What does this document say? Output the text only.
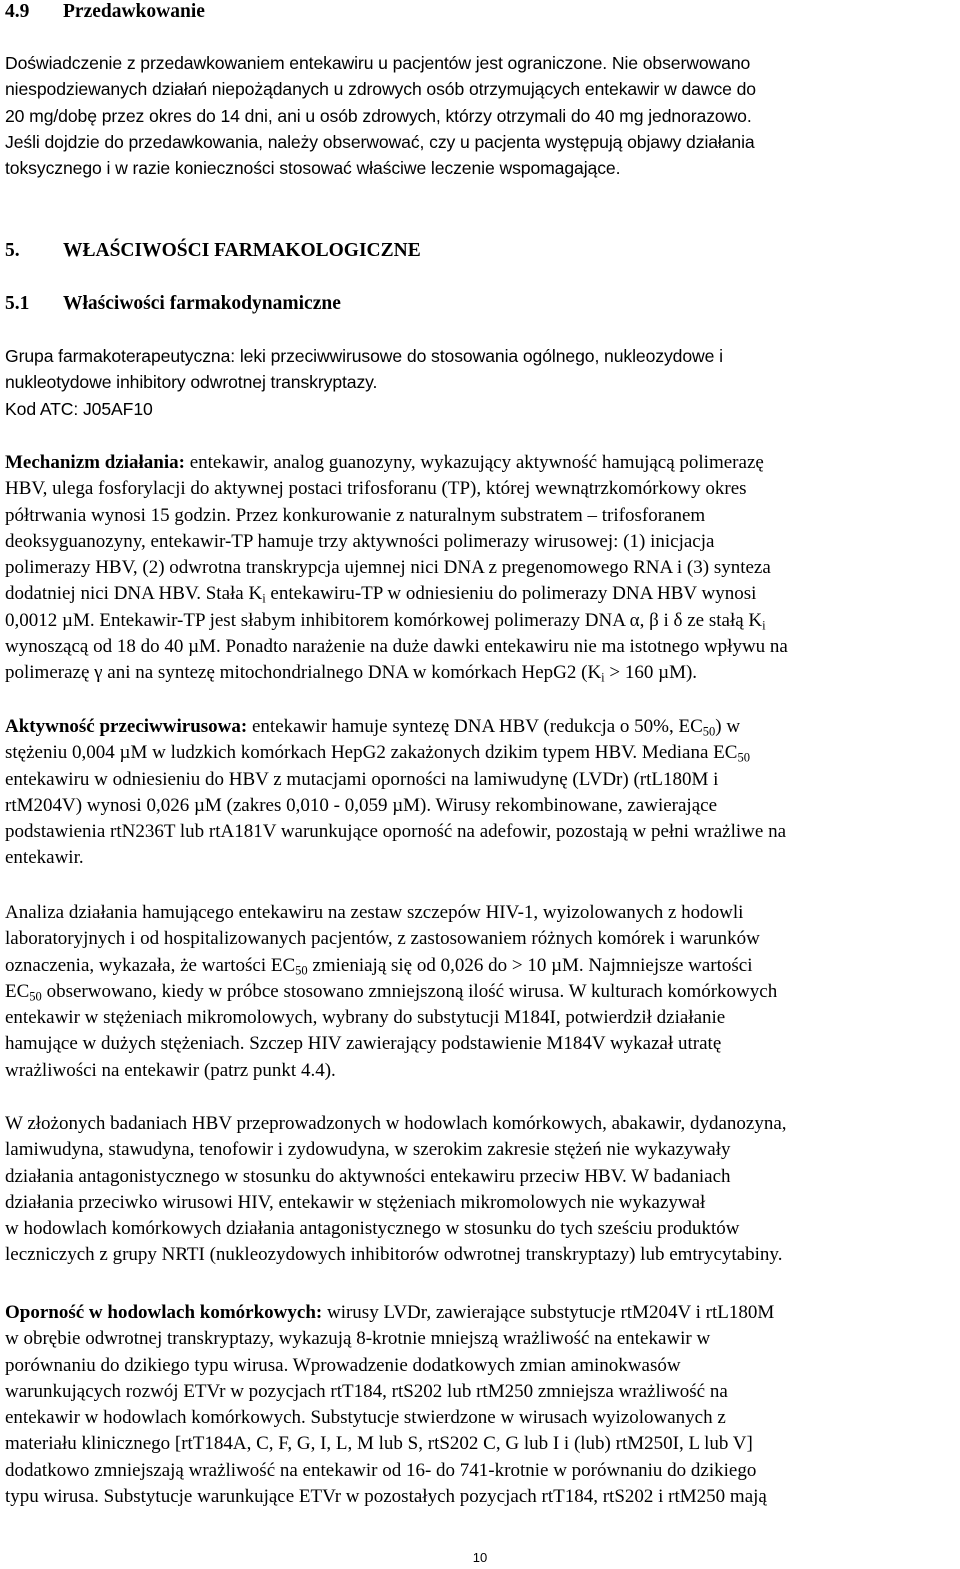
4.9 Przedawkowanie
Doświadczenie z przedawkowaniem entekawiru u pacjentów jest ograniczone. Nie obserwowano
niespodziewanych działań niepożądanych u zdrowych osób otrzymujących entekawir w dawce do
20 mg/dobę przez okres do 14 dni, ani u osób zdrowych, którzy otrzymali do 40 mg jednorazowo.
Jeśli dojdzie do przedawkowania, należy obserwować, czy u pacjenta występują objawy działania
toksycznego i w razie konieczności stosować właściwe leczenie wspomagające.
5. WŁAŚCIWOŚCI FARMAKOLOGICZNE
5.1 Właściwości farmakodynamiczne
Grupa farmakoterapeutyczna: leki przeciwwirusowe do stosowania ogólnego, nukleozydowe i
nukleotydowe inhibitory odwrotnej transkryptazy.
Kod ATC: J05AF10
Mechanizm działania: entekawir, analog guanozyny, wykazujący aktywność hamującą polimerazę
HBV, ulega fosforylacji do aktywnej postaci trifosforanu (TP), której wewnątrzkomórkowy okres
półtrwania wynosi 15 godzin. Przez konkurowanie z naturalnym substratem – trifosforanem
deoksyguanozyny, entekawir-TP hamuje trzy aktywności polimerazy wirusowej: (1) inicjacja
polimerazy HBV, (2) odwrotna transkrypcja ujemnej nici DNA z pregenomowego RNA i (3) synteza
dodatniej nici DNA HBV. Stała $K_i$ entekawiru-TP w odniesieniu do polimerazy DNA HBV wynosi
0,0012 µM. Entekawir-TP jest słabym inhibitorem komórkowej polimerazy DNA α, β i δ ze stałą $K_i$
wynoszącą od 18 do 40 µM. Ponadto narażenie na duże dawki entekawiru nie ma istotnego wpływu na
polimerazę γ ani na syntezę mitochondrialnego DNA w komórkach HepG2 ($K_i > 160$ µM).
Aktywność przeciwwirusowa: entekawir hamuje syntezę DNA HBV (redukcja o 50%, $EC_{50}$) w
stężeniu 0,004 µM w ludzkich komórkach HepG2 zakażonych dzikim typem HBV. Mediana $EC_{50}$
entekawiru w odniesieniu do HBV z mutacjami oporności na lamiwudynę (LVDr) (rtL180M i
rtM204V) wynosi 0,026 µM (zakres 0,010 - 0,059 µM). Wirusy rekombinowane, zawierające
podstawienia rtN236T lub rtA181V warunkujące oporność na adefowir, pozostają w pełni wrażliwe na
entekawir.
Analiza działania hamującego entekawiru na zestaw szczepów HIV-1, wyizolowanych z hodowli
laboratoryjnych i od hospitalizowanych pacjentów, z zastosowaniem różnych komórek i warunków
oznaczenia, wykazała, że wartości $EC_{50}$ zmieniają się od 0,026 do > 10 µM. Najmniejsze wartości
$EC_{50}$ obserwowano, kiedy w próbce stosowano zmniejszoną ilość wirusa. W kulturach komórkowych
entekawir w stężeniach mikromolowych, wybrany do substytucji M184I, potwierdził działanie
hamujące w dużych stężeniach. Szczep HIV zawierający podstawienie M184V wykazał utratę
wrażliwości na entekawir (patrz punkt 4.4).
W złożonych badaniach HBV przeprowadzonych w hodowlach komórkowych, abakawir, dydanozyna,
lamiwudyna, stawudyna, tenofowir i zydowudyna, w szerokim zakresie stężeń nie wykazywały
działania antagonistycznego w stosunku do aktywności entekawiru przeciw HBV. W badaniach
działania przeciwko wirusowi HIV, entekawir w stężeniach mikromolowych nie wykazywał
w hodowlach komórkowych działania antagonistycznego w stosunku do tych sześciu produktów
leczniczych z grupy NRTI (nukleozydowych inhibitorów odwrotnej transkryptazy) lub emtrycytabiny.
Oporność w hodowlach komórkowych: wirusy LVDr, zawierające substytucje rtM204V i rtL180M
w obrębie odwrotnej transkryptazy, wykazują 8-krotnie mniejszą wrażliwość na entekawir w
porównaniu do dzikiego typu wirusa. Wprowadzenie dodatkowych zmian aminokwasów
warunkujących rozwój ETVr w pozycjach rtT184, rtS202 lub rtM250 zmniejsza wrażliwość na
entekawir w hodowlach komórkowych. Substytucje stwierdzone w wirusach wyizolowanych z
materiału klinicznego [rtT184A, C, F, G, I, L, M lub S, rtS202 C, G lub I i (lub) rtM250I, L lub V]
dodatkowo zmniejszają wrażliwość na entekawir od 16- do 741-krotnie w porównaniu do dzikiego
typu wirusa. Substytucje warunkujące ETVr w pozostałych pozycjach rtT184, rtS202 i rtM250 mają
10
